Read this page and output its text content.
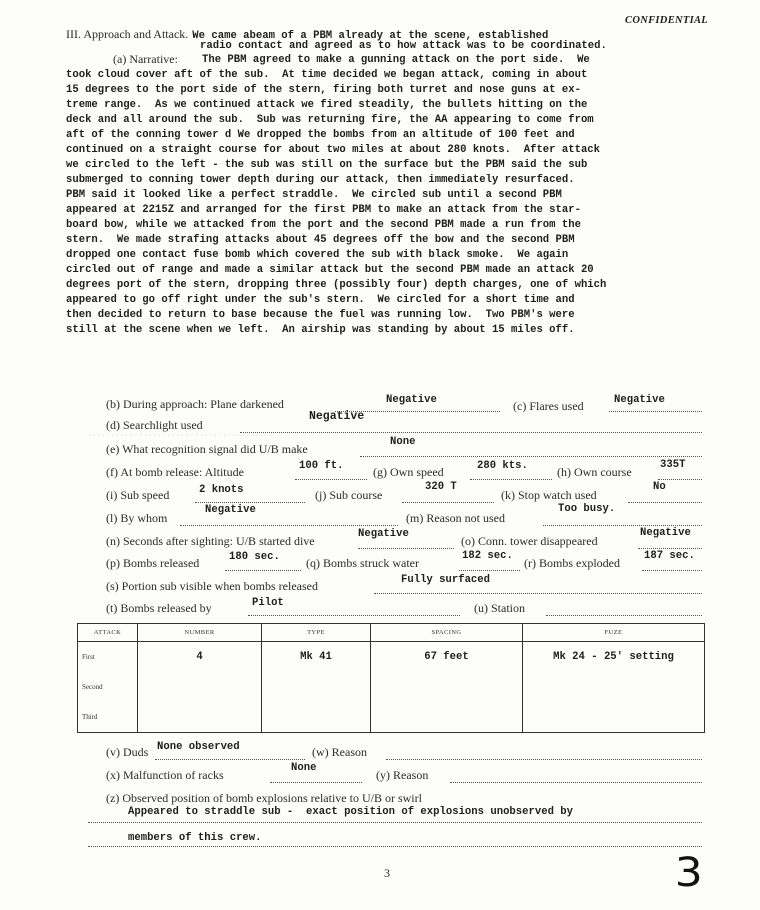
CONFIDENTIAL
III. Approach and Attack. We came abeam of a PBM already at the scene, established
radio contact and agreed as to how attack was to be coordinated.
(a) Narrative: The PBM agreed to make a gunning attack on the port side.  We
took cloud cover aft of the sub.  At time decided we began attack, coming in about
15 degrees to the port side of the stern, firing both turret and nose guns at ex-
treme range.  As we continued attack we fired steadily, the bullets hitting on the
deck and all around the sub.  Sub was returning fire, the AA appearing to come from
aft of the conning tower d We dropped the bombs from an altitude of 100 feet and
continued on a straight course for about two miles at about 280 knots.  After attack
we circled to the left - the sub was still on the surface but the PBM said the sub
submerged to conning tower depth during our attack, then immediately resurfaced.
PBM said it looked like a perfect straddle.  We circled sub until a second PBM
appeared at 2215Z and arranged for the first PBM to make an attack from the star-
board bow, while we attacked from the port and the second PBM made a run from the
stern.  We made strafing attacks about 45 degrees off the bow and the second PBM
dropped one contact fuse bomb which covered the sub with black smoke.  We again
circled out of range and made a similar attack but the second PBM made an attack 20
degrees port of the stern, dropping three (possibly four) depth charges, one of which
appeared to go off right under the sub's stern.  We circled for a short time and
then decided to return to base because the fuel was running low.  Two PBM's were
still at the scene when we left.  An airship was standing by about 15 miles off.
(b) During approach: Plane darkened	Negative	(c) Flares used	Negative
· · · · · · · · · · · · · · · · · · · · · · · · · · · · · · · · · · · · · · · ·
(d) Searchlight used
Negative
(e) What recognition signal did U/B make	None
(f) At bomb release: Altitude	100 ft. (g) Own speed	280 kts. (h) Own course	335T
(i) Sub speed	2 knots	(j) Sub course
320 T
(k) Stop watch used
No
(l) By whom
Negative
(m) Reason not used
Too busy.
(n) Seconds after sighting: U/B started dive	Negative	(o) Conn. tower disappeared
Negative
(p) Bombs released	180 sec. (q) Bombs struck water	182 sec. (r) Bombs exploded 187 sec.
(s) Portion sub visible when bombs released	Fully surfaced
(t) Bombs released by	Pilot	(u) Station
ATTACK	NUMBER	TYPE	SPACING	FUZE
First	4	Mk 41	67 feet	Mk 24 - 25' setting
Second				
Third				
(v) Duds None observed	(w) Reason
(x) Malfunction of racks	None	(y) Reason
(z) Observed position of bomb explosions relative to U/B or swirl
Appeared to straddle sub -  exact position of explosions unobserved by
members of this crew.
3	3
